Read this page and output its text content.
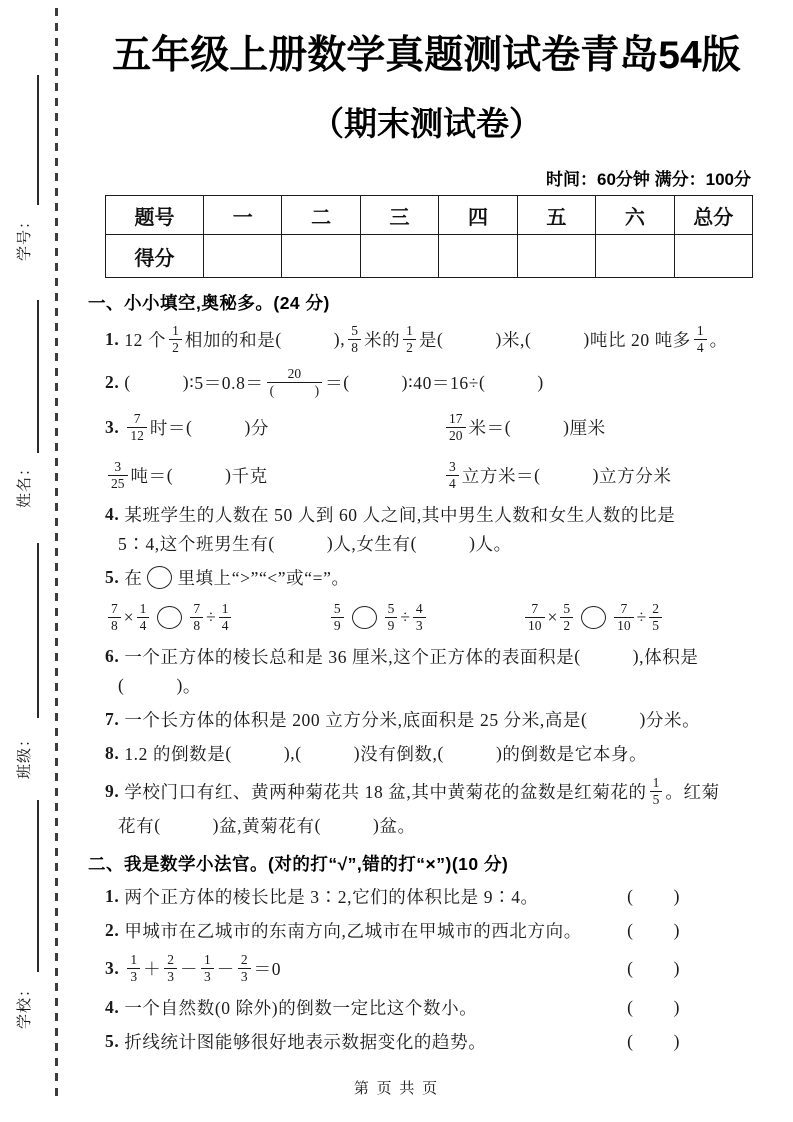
学号：
姓名：
班级：
学校：
五年级上册数学真题测试卷青岛54版
（期末测试卷）
时间：60分钟 满分：100分
题号	一	二	三	四	五	六	总分
得分							
一、小小填空,奥秘多。(24 分)
1. 12 个 $\frac{1}{2}$ 相加的和是 (	) , $\frac{5}{8}$ 米的 $\frac{1}{2}$ 是 (	) 米, (	) 吨比 20 吨多 $\frac{1}{4}$ 。
2. (	) ∶5＝0.8＝ $\frac{20}{( )}$ ＝ (	) ∶40＝16÷ (	)
3. $\frac{7}{12}$ 时＝ (	) 分	$\frac{17}{20}$ 米＝ (	) 厘米
$\frac{3}{25}$ 吨＝ (	) 千克	$\frac{3}{4}$ 立方米＝ (	) 立方分米
4. 某班学生的人数在 50 人到 60 人之间,其中男生人数和女生人数的比是
5∶4,这个班男生有 (	) 人,女生有 (	) 人。
5. 在 里填上“>”“<”或“=”。
$\frac{7}{8} \times \frac{1}{4}$	$\frac{7}{8} \div \frac{1}{4}$	$\frac{5}{9}$	$\frac{5}{9} \div \frac{4}{3}$	$\frac{7}{10} \times \frac{5}{2}$	$\frac{7}{10} \div \frac{2}{5}$
6. 一个正方体的棱长总和是 36 厘米,这个正方体的表面积是 (	) ,体积是
(	) 。
7. 一个长方体的体积是 200 立方分米,底面积是 25 分米,高是 (	) 分米。
8. 1.2 的倒数是 (	) , (	) 没有倒数, (	) 的倒数是它本身。
9. 学校门口有红、黄两种菊花共 18 盆,其中黄菊花的盆数是红菊花的 $\frac{1}{5}$ 。红菊
花有 (	) 盆,黄菊花有 (	) 盆。
二、我是数学小法官。(对的打“√”,错的打“×”)(10 分)
1. 两个正方体的棱长比是 3∶2,它们的体积比是 9∶4。	( )
2. 甲城市在乙城市的东南方向,乙城市在甲城市的西北方向。	( )
3. $\frac{1}{3} + \frac{2}{3} - \frac{1}{3} - \frac{2}{3} =0$	( )
4. 一个自然数(0 除外)的倒数一定比这个数小。	( )
5. 折线统计图能够很好地表示数据变化的趋势。	( )
第 页 共 页
